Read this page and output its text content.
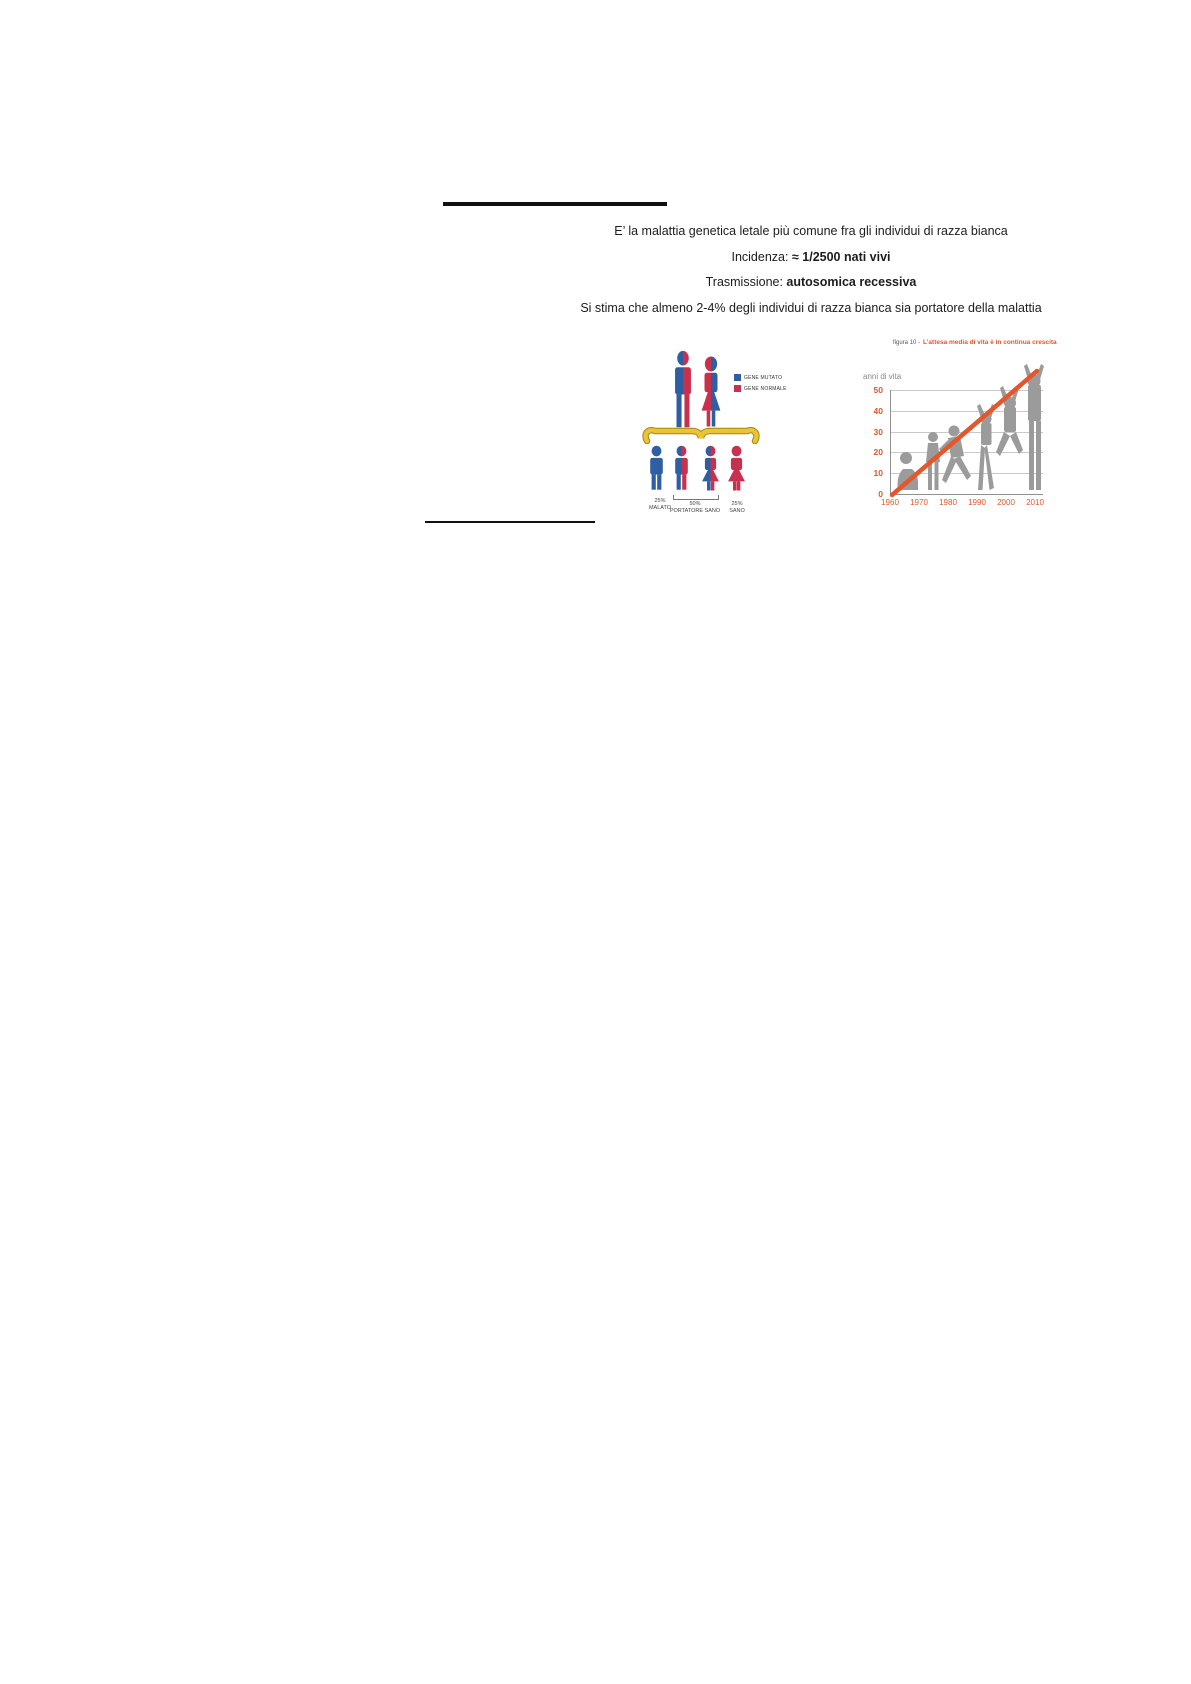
E’ la malattia genetica letale più comune fra gli individui di razza bianca
Incidenza: ≈ 1/2500 nati vivi
Trasmissione: autosomica recessiva
Si stima che almeno 2-4% degli individui di razza bianca sia portatore della malattia
GENE MUTATO
GENE NORMALE
25%
MALATO
50%
PORTATORE SANO
25%
SANO
figura 10 - L’attesa media di vita è in continua crescita
anni di vita
50
40
30
20
10
0
1960	1970	1980	1990	2000	2010
